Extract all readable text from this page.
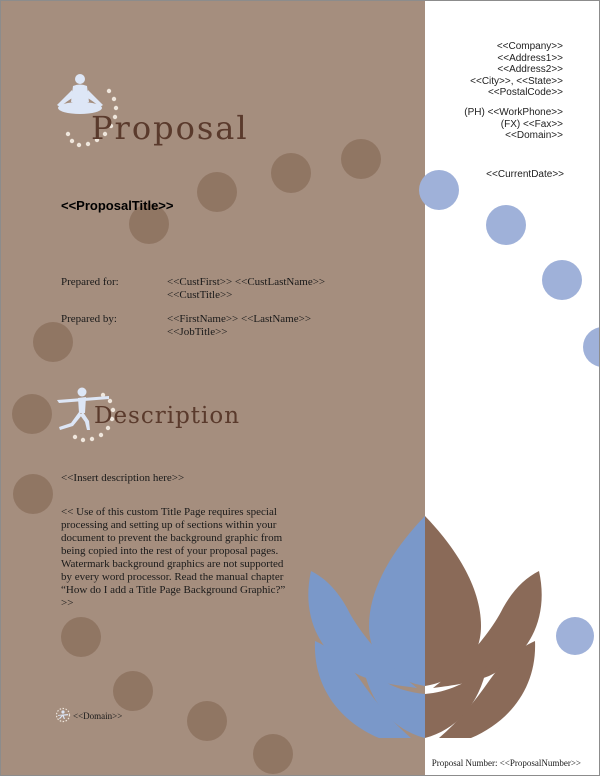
<<Company>>
<<Address1>>
<<Address2>>
<<City>>, <<State>>
<<PostalCode>>
(PH) <<WorkPhone>>
(FX) <<Fax>>
<<Domain>>
<<CurrentDate>>
Proposal
<<ProposalTitle>>
Prepared for:	<<CustFirst>> <<CustLastName>>
<<CustTitle>>
Prepared by:	<<FirstName>> <<LastName>>
<<JobTitle>>
Description
<<Insert description here>>
<< Use of this custom Title Page requires special processing and setting up of sections within your document to prevent the background graphic from being copied into the rest of your proposal pages. Watermark background graphics are not supported by every word processor. Read the manual chapter “How do I add a Title Page Background Graphic?” >>
<<Domain>>
Proposal Number: <<ProposalNumber>>
